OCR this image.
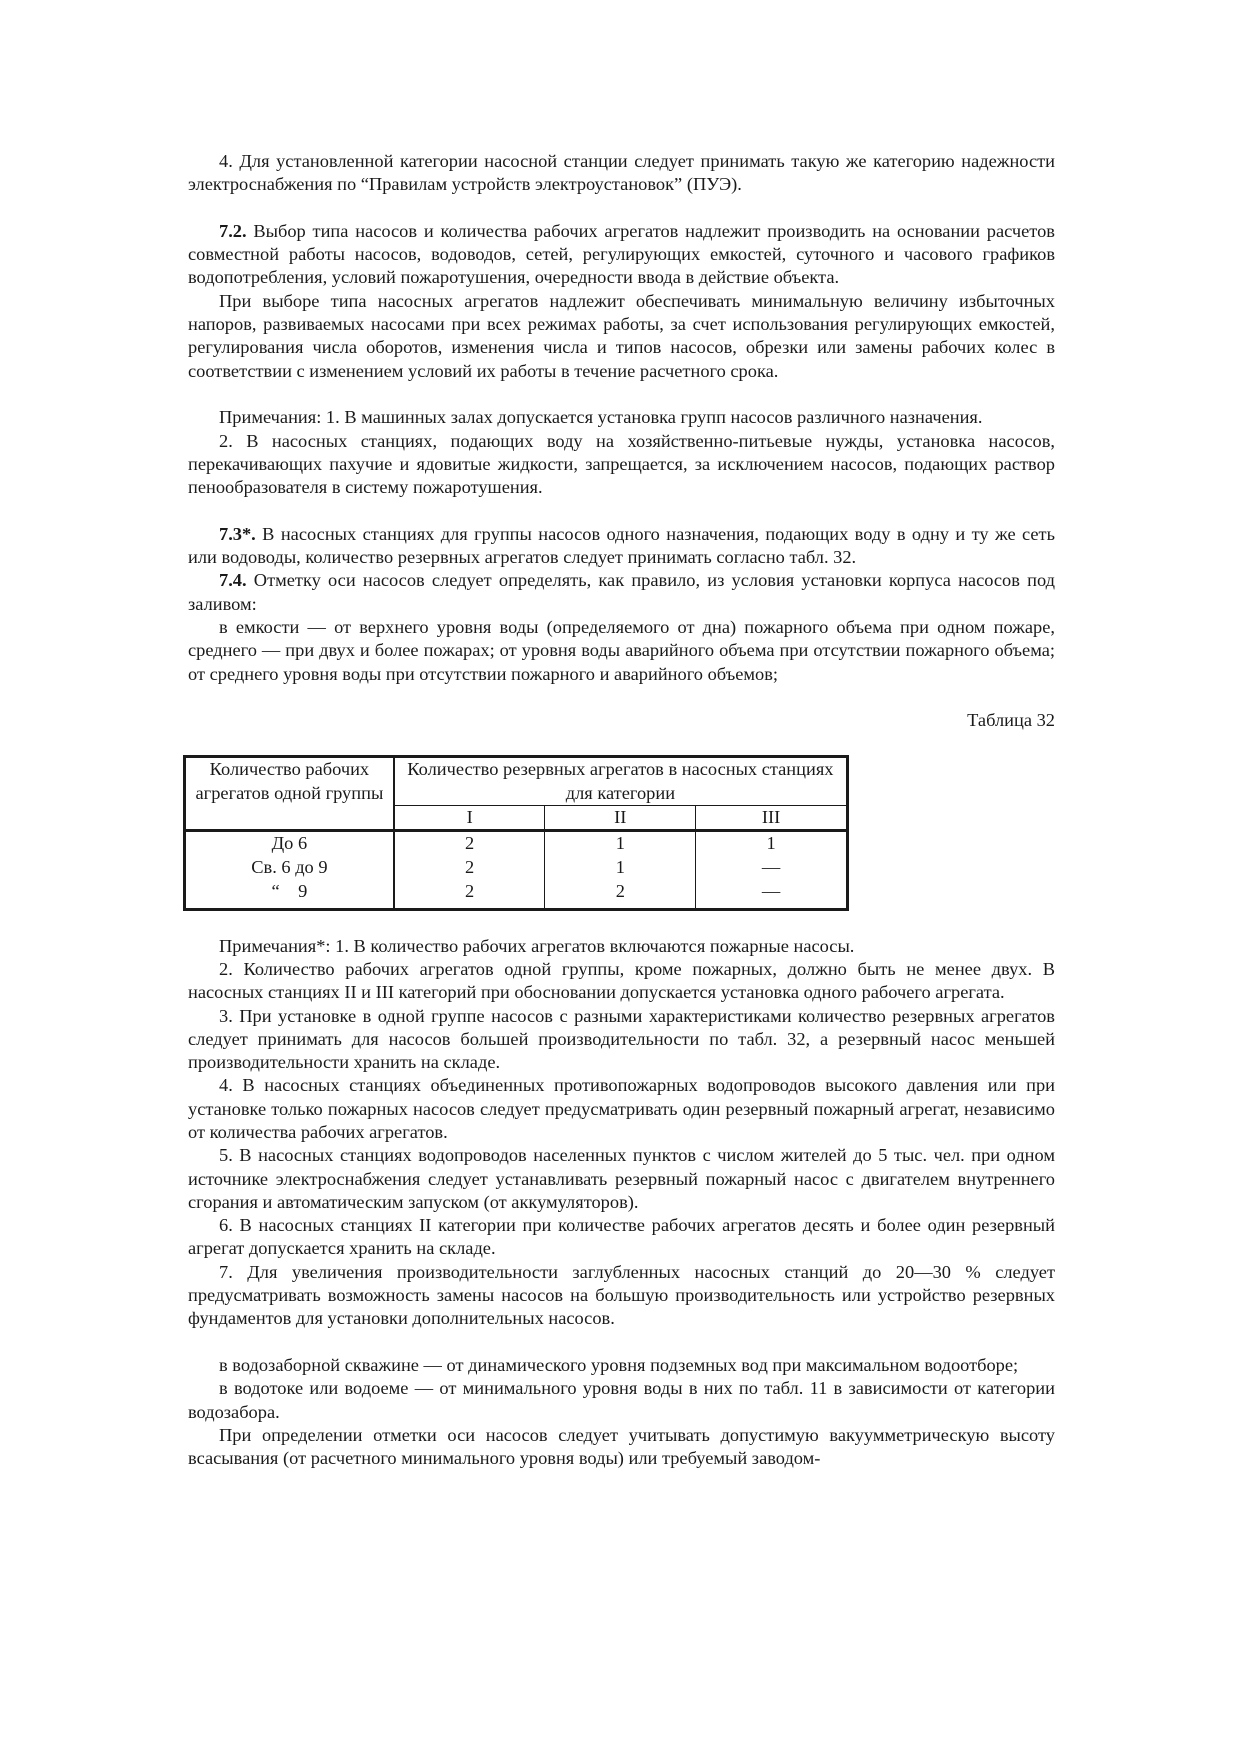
4. Для установленной категории насосной станции следует принимать такую же категорию надежности электроснабжения по “Правилам устройств электроустановок” (ПУЭ).

7.2. Выбор типа насосов и количества рабочих агрегатов надлежит производить на основании расчетов совместной работы насосов, водоводов, сетей, регулирующих емкостей, суточного и часового графиков водопотребления, условий пожаротушения, очередности ввода в действие объекта.

При выборе типа насосных агрегатов надлежит обеспечивать минимальную величину избыточных напоров, развиваемых насосами при всех режимах работы, за счет использования регулирующих емкостей, регулирования числа оборотов, изменения числа и типов насосов, обрезки или замены рабочих колес в соответствии с изменением условий их работы в течение расчетного срока.

Примечания: 1. В машинных залах допускается установка групп насосов различного назначения.

2. В насосных станциях, подающих воду на хозяйственно-питьевые нужды, установка насосов, перекачивающих пахучие и ядовитые жидкости, запрещается, за исключением насосов, подающих раствор пенообразователя в систему пожаротушения.

7.3*. В насосных станциях для группы насосов одного назначения, подающих воду в одну и ту же сеть или водоводы, количество резервных агрегатов следует принимать согласно табл. 32.

7.4. Отметку оси насосов следует определять, как правило, из условия установки корпуса насосов под заливом:

в емкости — от верхнего уровня воды (определяемого от дна) пожарного объема при одном пожаре, среднего — при двух и более пожарах; от уровня воды аварийного объема при отсутствии пожарного объема; от среднего уровня воды при отсутствии пожарного и аварийного объемов;

Таблица 32

Количество рабочих агрегатов одной группы	Количество резервных агрегатов в насосных станциях для категории		
	I	II	III
До 6	2	1	1
Св. 6 до 9	2	1	—
“    9	2	2	—

Примечания*: 1. В количество рабочих агрегатов включаются пожарные насосы.

2. Количество рабочих агрегатов одной группы, кроме пожарных, должно быть не менее двух. В насосных станциях II и III категорий при обосновании допускается установка одного рабочего агрегата.

3. При установке в одной группе насосов с разными характеристиками количество резервных агрегатов следует принимать для насосов большей производительности по табл. 32, а резервный насос меньшей производительности хранить на складе.

4. В насосных станциях объединенных противопожарных водопроводов высокого давления или при установке только пожарных насосов следует предусматривать один резервный пожарный агрегат, независимо от количества рабочих агрегатов.

5. В насосных станциях водопроводов населенных пунктов с числом жителей до 5 тыс. чел. при одном источнике электроснабжения следует устанавливать резервный пожарный насос с двигателем внутреннего сгорания и автоматическим запуском (от аккумуляторов).

6. В насосных станциях II категории при количестве рабочих агрегатов десять и более один резервный агрегат допускается хранить на складе.

7. Для увеличения производительности заглубленных насосных станций до 20—30 % следует предусматривать возможность замены насосов на большую производительность или устройство резервных фундаментов для установки дополнительных насосов.

в водозаборной скважине — от динамического уровня подземных вод при максимальном водоотборе;

в водотоке или водоеме — от минимального уровня воды в них по табл. 11 в зависимости от категории водозабора.

При определении отметки оси насосов следует учитывать допустимую вакуумметрическую высоту всасывания (от расчетного минимального уровня воды) или требуемый заводом-
